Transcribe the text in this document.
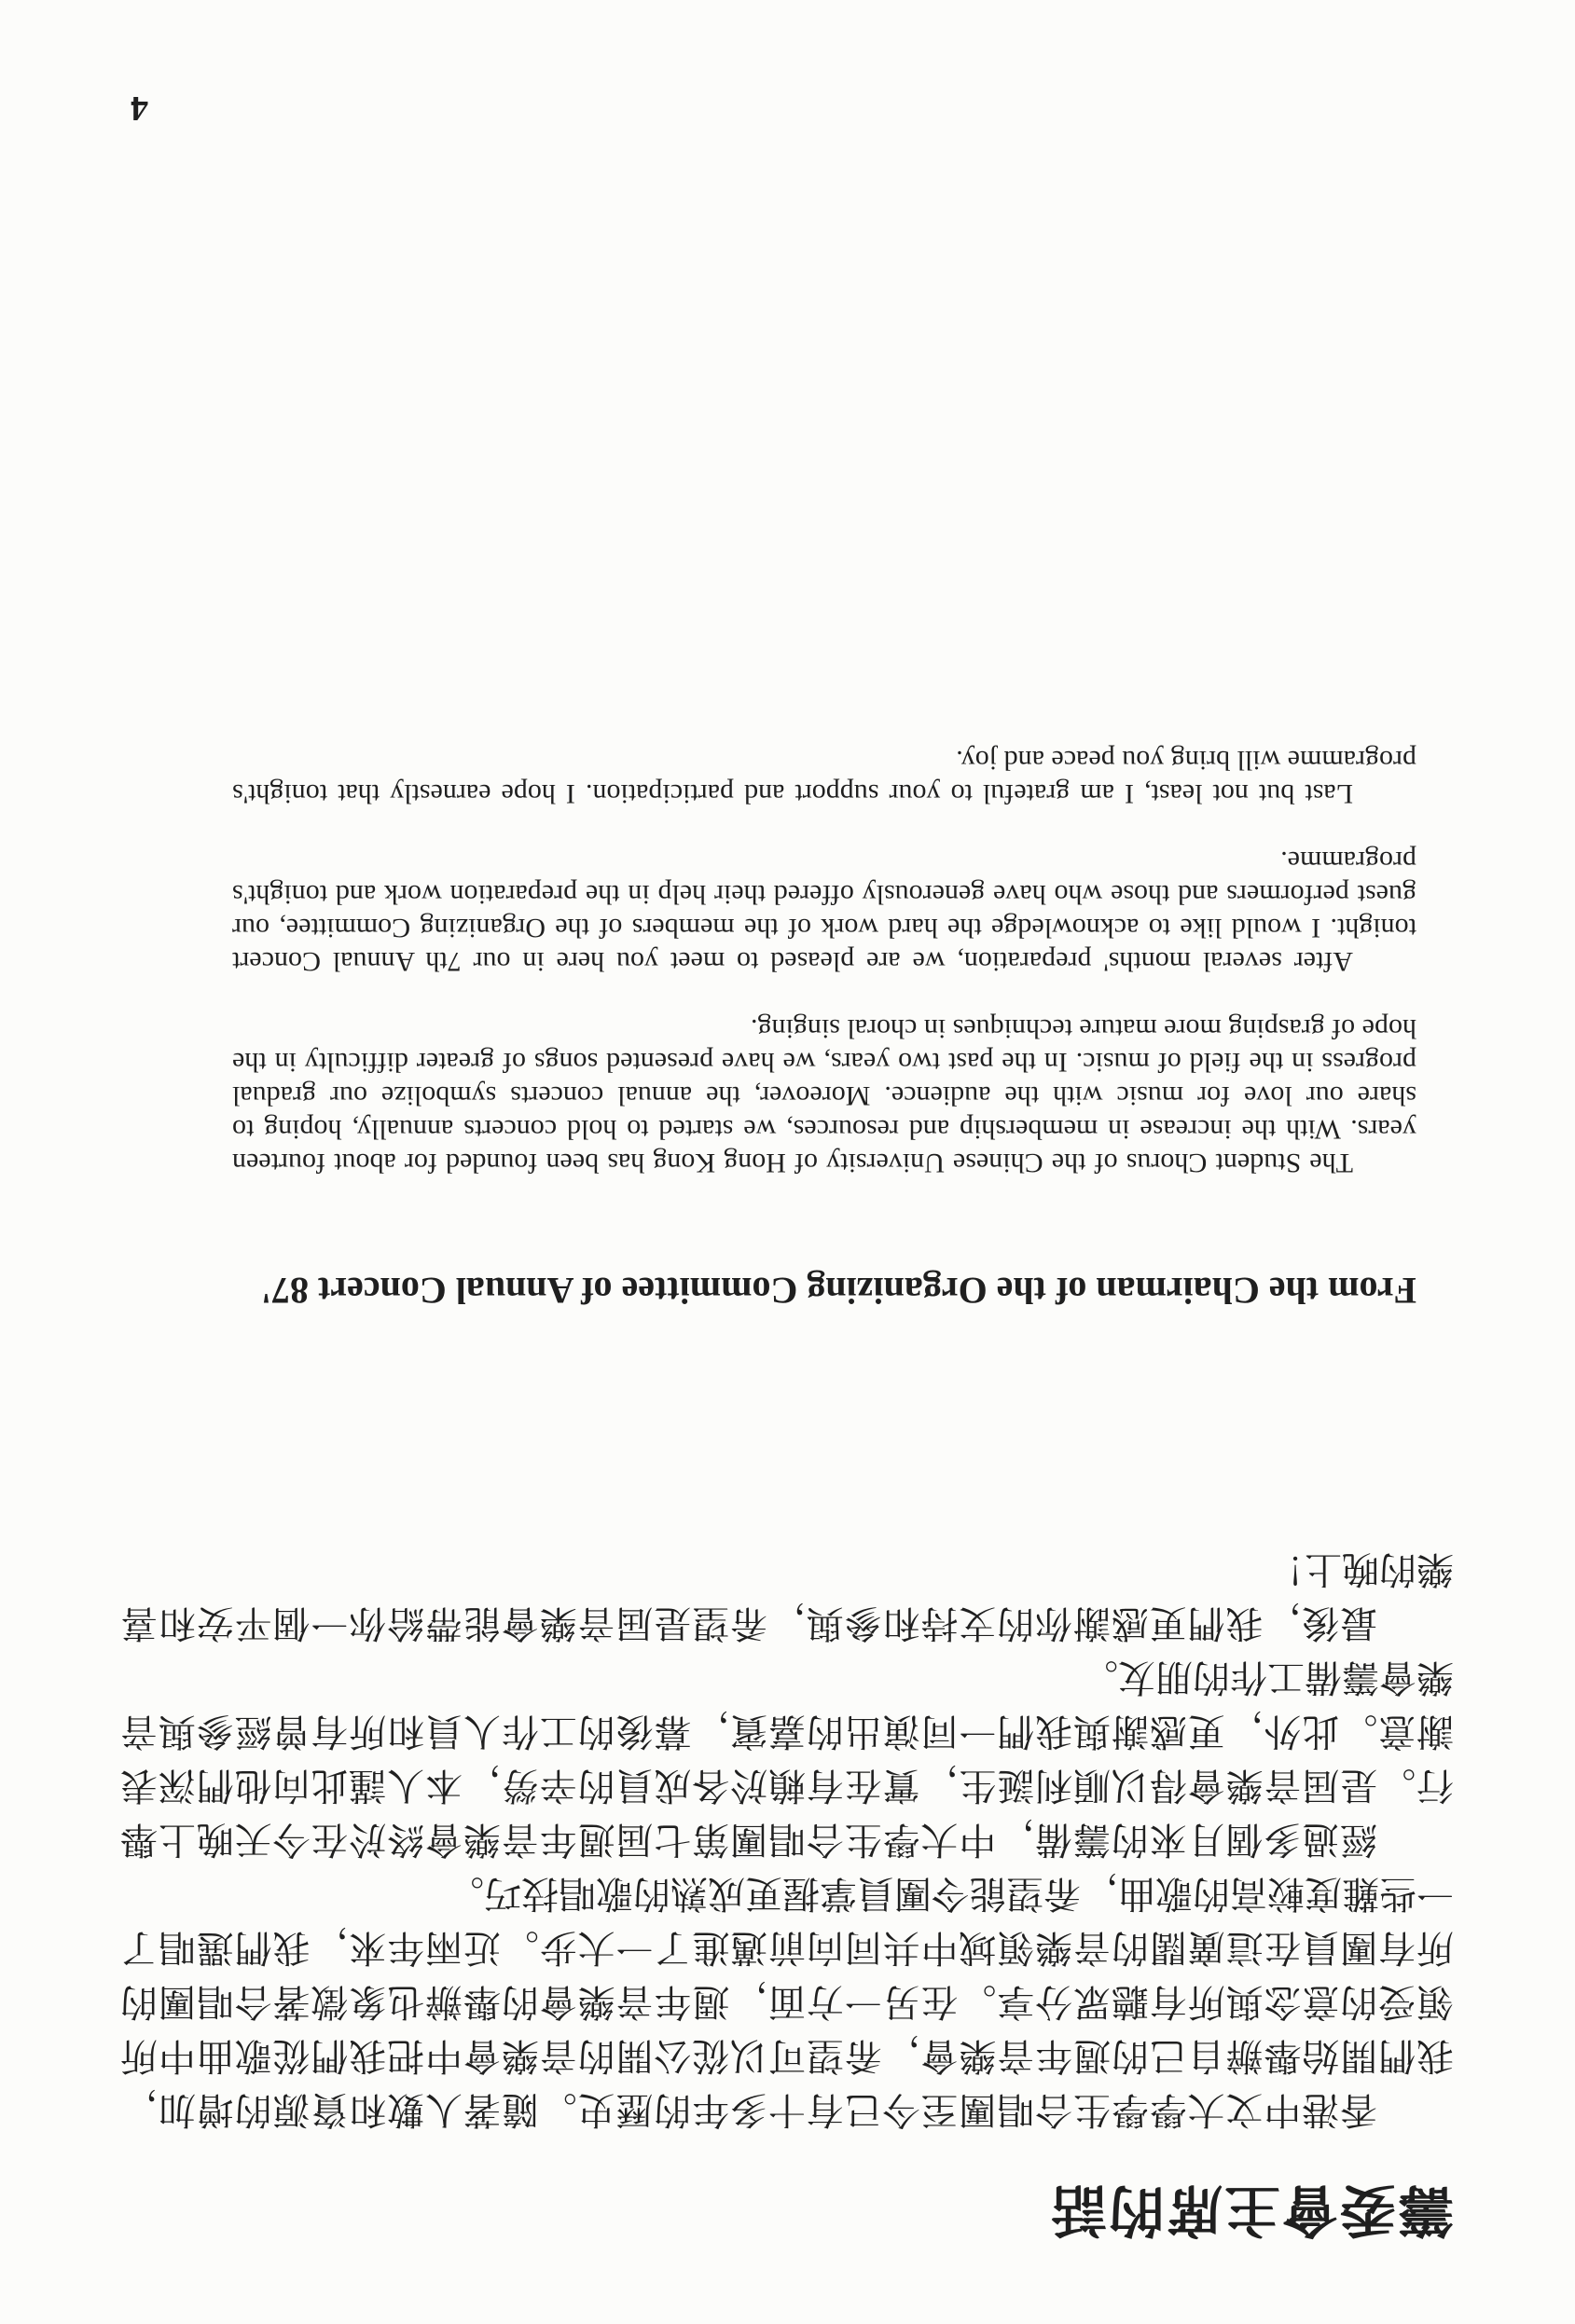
籌委會主席的話

香港中文大學學生合唱團至今已有十多年的歷史。隨著人數和資源的增加，我們開始舉辦自己的週年音樂會，希望可以從公開的音樂會中把我們從歌曲中所領受的意念與所有聽眾分享。在另一方面，週年音樂會的舉辦也象徵著合唱團的所有團員在這廣闊的音樂領域中共同向前邁進了一大步。近兩年來，我們選唱了一些難度較高的歌曲，希望能令團員掌握更成熟的歌唱技巧。

經過多個月來的籌備，中大學生合唱團第七屆週年音樂會終於在今天晚上舉行。是屆音樂會得以順利誕生，實在有賴於各成員的辛勞，本人謹此向他們深表謝意。此外，更感謝與我們一同演出的嘉賓，幕後的工作人員和所有曾經參與音樂會籌備工作的朋友。

最後，我們更感謝你的支持和參與，希望是屆音樂會能帶給你一個平安和喜樂的晚上！

From the Chairman of the Organizing Committee of Annual Concert 87'

The Student Chorus of the Chinese University of Hong Kong has been founded for about fourteen years. With the increase in membership and resources, we started to hold concerts annually, hoping to share our love for music with the audience. Moreover, the annual concerts symbolize our gradual progress in the field of music. In the past two years, we have presented songs of greater difficulty in the hope of grasping more mature techniques in choral singing.

After several months' preparation, we are pleased to meet you here in our 7th Annual Concert tonight. I would like to acknowledge the hard work of the members of the Organizing Committee, our guest performers and those who have generously offered their help in the preparation work and tonight's programme.

Last but not least, I am grateful to your support and participation. I hope earnestly that tonight's programme will bring you peace and joy.

4
